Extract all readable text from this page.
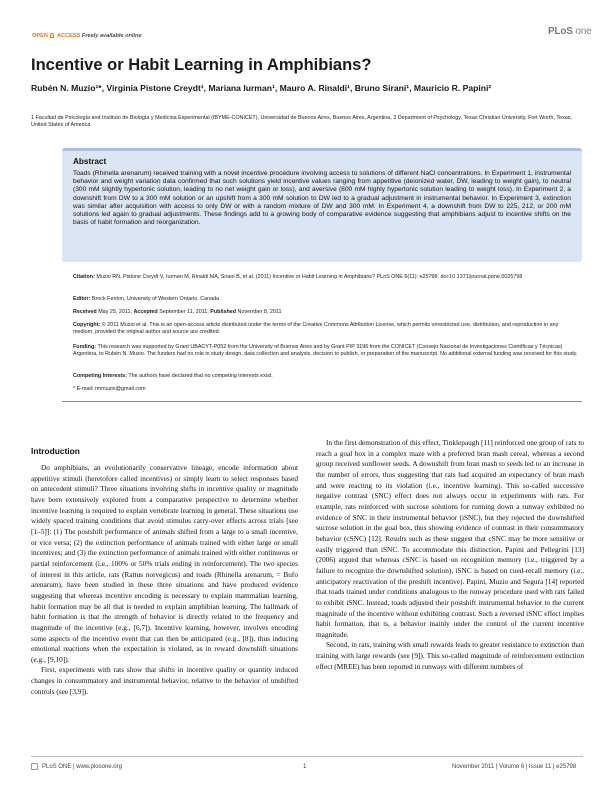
OPEN ACCESS Freely available online	PLoS one
Incentive or Habit Learning in Amphibians?
Rubén N. Muzio¹*, Virginia Pistone Creydt¹, Mariana Iurman¹, Mauro A. Rinaldi¹, Bruno Sirani¹, Mauricio R. Papini²
1 Facultad de Psicología and Instituto de Biología y Medicina Experimental (IBYME-CONICET), Universidad de Buenos Aires, Buenos Aires, Argentina, 2 Department of Psychology, Texas Christian University, Fort Worth, Texas, United States of America
Abstract
Toads (Rhinella arenarum) received training with a novel incentive procedure involving access to solutions of different NaCl concentrations. In Experiment 1, instrumental behavior and weight variation data confirmed that such solutions yield incentive values ranging from appetitive (deionized water, DW, leading to weight gain), to neutral (300 mM slightly hypertonic solution, leading to no net weight gain or loss), and aversive (800 mM highly hypertonic solution leading to weight loss). In Experiment 2, a downshift from DW to a 300 mM solution or an upshift from a 300 mM solution to DW led to a gradual adjustment in instrumental behavior. In Experiment 3, extinction was similar after acquisition with access to only DW or with a random mixture of DW and 300 mM. In Experiment 4, a downshift from DW to 225, 212, or 200 mM solutions led again to gradual adjustments. These findings add to a growing body of comparative evidence suggesting that amphibians adjust to incentive shifts on the basis of habit formation and reorganization.
Citation: Muzio RN, Pistone Creydt V, Iurman M, Rinaldi MA, Sirani B, et al. (2011) Incentive or Habit Learning in Amphibians? PLoS ONE 6(11): e25798. doi:10.1371/journal.pone.0025798
Editor: Brock Fenton, University of Western Ontario, Canada
Received May 25, 2011; Accepted September 11, 2011; Published November 8, 2011
Copyright: © 2011 Muzio et al. This is an open-access article distributed under the terms of the Creative Commons Attribution License, which permits unrestricted use, distribution, and reproduction in any medium, provided the original author and source are credited.
Funding: This research was supported by Grant UBACYT-P052 from the University of Buenos Aires and by Grant PIP 3196 from the CONICET (Consejo Nacional de Investigaciones Científicas y Técnicas) Argentina, to Rubén N. Muzio. The funders had no role in study design, data collection and analysis, decision to publish, or preparation of the manuscript. No additional external funding was received for this study.
Competing Interests: The authors have declared that no competing interests exist.
* E-mail: rmmuzio@gmail.com
Introduction

Do amphibians, an evolutionarily conservative lineage, encode information about appetitive stimuli (heretofore called incentives) or simply learn to select responses based on antecedent stimuli? Three situations involving shifts in incentive quality or magnitude have been extensively explored from a comparative perspective to determine whether incentive learning is required to explain vertebrate learning in general. These situations use widely spaced training conditions that avoid stimulus carry-over effects across trials [see [1–5]]: (1) The postshift performance of animals shifted from a large to a small incentive, or vice versa; (2) the extinction performance of animals trained with either large or small incentives; and (3) the extinction performance of animals trained with either continuous or partial reinforcement (i.e., 100% or 50% trials ending in reinforcement). The two species of interest in this article, rats (Rattus norvegicus) and toads (Rhinella arenarum, = Bufo arenarum), have been studied in these three situations and have produced evidence suggesting that whereas incentive encoding is necessary to explain mammalian learning, habit formation may be all that is needed to explain amphibian learning. The hallmark of habit formation is that the strength of behavior is directly related to the frequency and magnitude of the incentive (e.g., [6,7]). Incentive learning, however, involves encoding some aspects of the incentive event that can then be anticipated (e.g., [8]), thus inducing emotional reactions when the expectation is violated, as in reward downshift situations (e.g., [9,10]).

First, experiments with rats show that shifts in incentive quality or quantity induced changes in consummatory and instrumental behavior, relative to the behavior of unshifted controls (see [3,9]).

In the first demonstration of this effect, Tinklepaugh [11] reinforced one group of rats to reach a goal box in a complex maze with a preferred bran mash cereal, whereas a second group received sunflower seeds. A downshift from bran mash to seeds led to an increase in the number of errors, thus suggesting that rats had acquired an expectancy of bran mash and were reacting to its violation (i.e., incentive learning). This so-called successive negative contrast (SNC) effect does not always occur in experiments with rats. For example, rats reinforced with sucrose solutions for running down a runway exhibited no evidence of SNC in their instrumental behavior (iSNC), but they rejected the downshifted sucrose solution in the goal box, thus showing evidence of contrast in their consummatory behavior (cSNC) [12]. Results such as these suggest that cSNC may be more sensitive or easily triggered than iSNC. To accommodate this distinction, Papini and Pellegrini [13] (2006) argued that whereas cSNC is based on recognition memory (i.e., triggered by a failure to recognize the downshifted solution), iSNC is based on cued-recall memory (i.e., anticipatory reactivation of the preshift incentive). Papini, Muzio and Segura [14] reported that toads trained under conditions analogous to the runway procedure used with rats failed to exhibit iSNC. Instead, toads adjusted their postshift instrumental behavior to the current magnitude of the incentive without exhibiting contrast. Such a reversed iSNC effect implies habit formation, that is, a behavior mainly under the control of the current incentive magnitude.

Second, in rats, training with small rewards leads to greater resistance to extinction than training with large rewards (see [9]). This so-called magnitude of reinforcement extinction effect (MREE) has been reported in runways with different numbers of

PLoS ONE | www.plosone.org	1	November 2011 | Volume 6 | Issue 11 | e25798
